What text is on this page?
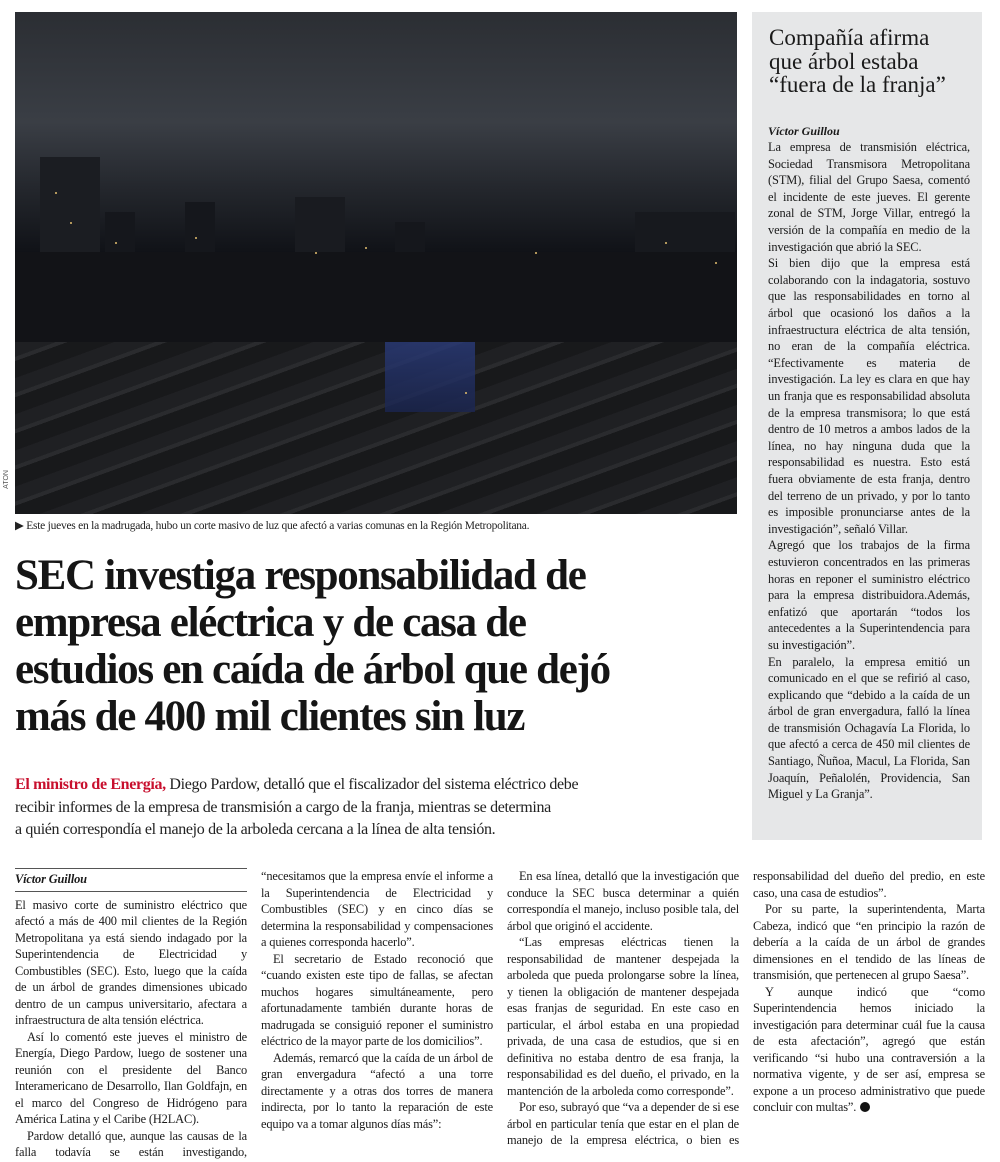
ATON
▶ Este jueves en la madrugada, hubo un corte masivo de luz que afectó a varias comunas en la Región Metropolitana.
SEC investiga responsabilidad de
empresa eléctrica y de casa de
estudios en caída de árbol que dejó
más de 400 mil clientes sin luz
El ministro de Energía, Diego Pardow, detalló que el fiscalizador del sistema eléctrico debe
recibir informes de la empresa de transmisión a cargo de la franja, mientras se determina
a quién correspondía el manejo de la arboleda cercana a la línea de alta tensión.
Compañía afirma
que árbol estaba
“fuera de la franja”
Víctor Guillou

La empresa de transmisión eléctrica, Sociedad Transmisora Metropolitana (STM), filial del Grupo Saesa, comentó el incidente de este jueves. El gerente zonal de STM, Jorge Villar, entregó la versión de la compañía en medio de la investigación que abrió la SEC.

Si bien dijo que la empresa está colaborando con la indagatoria, sostuvo que las responsabilidades en torno al árbol que ocasionó los daños a la infraestructura eléctrica de alta tensión, no eran de la compañía eléctrica. “Efectivamente es materia de investigación. La ley es clara en que hay un franja que es responsabilidad absoluta de la empresa transmisora; lo que está dentro de 10 metros a ambos lados de la línea, no hay ninguna duda que la responsabilidad es nuestra. Esto está fuera obviamente de esta franja, dentro del terreno de un privado, y por lo tanto es imposible pronunciarse antes de la investigación”, señaló Villar.

Agregó que los trabajos de la firma estuvieron concentrados en las primeras horas en reponer el suministro eléctrico para la empresa distribuidora.Además, enfatizó que aportarán “todos los antecedentes a la Superintendencia para su investigación”.

En paralelo, la empresa emitió un comunicado en el que se refirió al caso, explicando que “debido a la caída de un árbol de gran envergadura, falló la línea de transmisión Ochagavía La Florida, lo que afectó a cerca de 450 mil clientes de Santiago, Ñuñoa, Macul, La Florida, San Joaquín, Peñalolén, Providencia, San Miguel y La Granja”.

Víctor Guillou

El masivo corte de suministro eléctrico que afectó a más de 400 mil clientes de la Región Metropolitana ya está siendo indagado por la Superintendencia de Electricidad y Combustibles (SEC). Esto, luego que la caída de un árbol de grandes dimensiones ubicado dentro de un campus universitario, afectara a infraestructura de alta tensión eléctrica.

Así lo comentó este jueves el ministro de Energía, Diego Pardow, luego de sostener una reunión con el presidente del Banco Interamericano de Desarrollo, Ilan Goldfajn, en el marco del Congreso de Hidrógeno para América Latina y el Caribe (H2LAC).

Pardow detalló que, aunque las causas de la falla todavía se están investigando, “necesitamos que la empresa envíe el informe a la Superintendencia de Electricidad y Combustibles (SEC) y en cinco días se determina la responsabilidad y compensaciones a quienes corresponda hacerlo”.

El secretario de Estado reconoció que “cuando existen este tipo de fallas, se afectan muchos hogares simultáneamente, pero afortunadamente también durante horas de madrugada se consiguió reponer el suministro eléctrico de la mayor parte de los domicilios”.

Además, remarcó que la caída de un árbol de gran envergadura “afectó a una torre directamente y a otras dos torres de manera indirecta, por lo tanto la reparación de este equipo va a tomar algunos días más”:

En esa línea, detalló que la investigación que conduce la SEC busca determinar a quién correspondía el manejo, incluso posible tala, del árbol que originó el accidente.

“Las empresas eléctricas tienen la responsabilidad de mantener despejada la arboleda que pueda prolongarse sobre la línea, y tienen la obligación de mantener despejada esas franjas de seguridad. En este caso en particular, el árbol estaba en una propiedad privada, de una casa de estudios, que si en definitiva no estaba dentro de esa franja, la responsabilidad es del dueño, el privado, en la mantención de la arboleda como corresponde”.

Por eso, subrayó que “va a depender de si ese árbol en particular tenía que estar en el plan de manejo de la empresa eléctrica, o bien es responsabilidad del dueño del predio, en este caso, una casa de estudios”.

Por su parte, la superintendenta, Marta Cabeza, indicó que “en principio la razón de debería a la caída de un árbol de grandes dimensiones en el tendido de las líneas de transmisión, que pertenecen al grupo Saesa”.

Y aunque indicó que “como Superintendencia hemos iniciado la investigación para determinar cuál fue la causa de esta afectación”, agregó que están verificando “si hubo una contraversión a la normativa vigente, y de ser así, empresa se expone a un proceso administrativo que puede concluir con multas”.
